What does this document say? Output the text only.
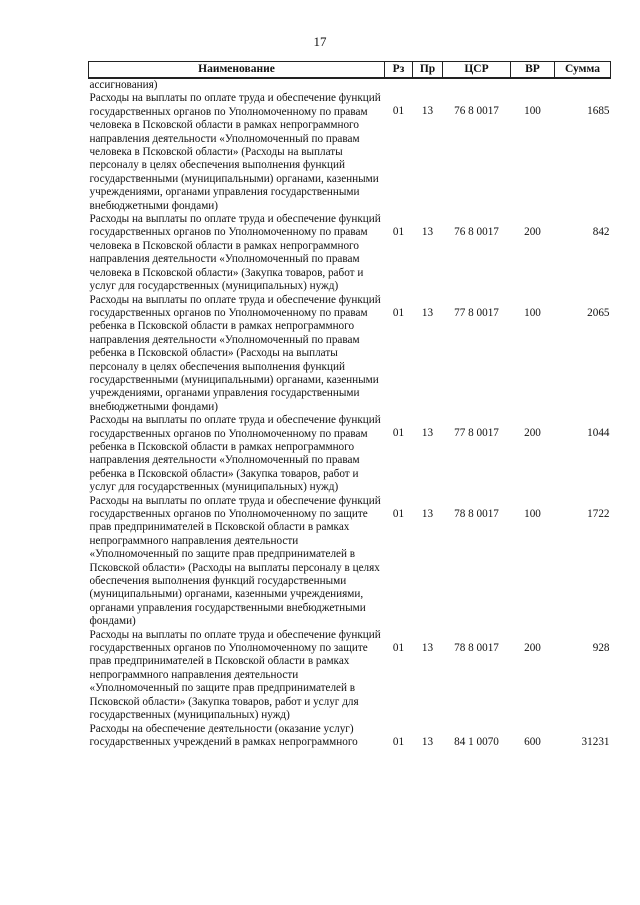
17
Наименование	Рз	Пр	ЦСР	ВР	Сумма
ассигнования)					
Расходы на выплаты по оплате труда и обеспечение функций государственных органов по Уполномоченному по правам человека в Псковской области в рамках непрограммного направления деятельности «Уполномоченный по правам человека в Псковской области» (Расходы на выплаты персоналу в целях обеспечения выполнения функций государственными (муниципальными) органами, казенными учреждениями, органами управления государственными внебюджетными фондами)	01	13	76 8 0017	100	1685
Расходы на выплаты по оплате труда и обеспечение функций государственных органов по Уполномоченному по правам человека в Псковской области в рамках непрограммного направления деятельности «Уполномоченный по правам человека в Псковской области» (Закупка товаров, работ и услуг для государственных (муниципальных) нужд)	01	13	76 8 0017	200	842
Расходы на выплаты по оплате труда и обеспечение функций государственных органов по Уполномоченному по правам ребенка в Псковской области в рамках непрограммного направления деятельности «Уполномоченный по правам ребенка в Псковской области» (Расходы на выплаты персоналу в целях обеспечения выполнения функций государственными (муниципальными) органами, казенными учреждениями, органами управления государственными внебюджетными фондами)	01	13	77 8 0017	100	2065
Расходы на выплаты по оплате труда и обеспечение функций государственных органов по Уполномоченному по правам ребенка в Псковской области в рамках непрограммного направления деятельности «Уполномоченный по правам ребенка в Псковской области» (Закупка товаров, работ и услуг для государственных (муниципальных) нужд)	01	13	77 8 0017	200	1044
Расходы на выплаты по оплате труда и обеспечение функций государственных органов по Уполномоченному по защите прав предпринимателей в Псковской области в рамках непрограммного направления деятельности «Уполномоченный по защите прав предпринимателей в Псковской области» (Расходы на выплаты персоналу в целях обеспечения выполнения функций государственными (муниципальными) органами, казенными учреждениями, органами управления государственными внебюджетными фондами)	01	13	78 8 0017	100	1722
Расходы на выплаты по оплате труда и обеспечение функций государственных органов по Уполномоченному по защите прав предпринимателей в Псковской области в рамках непрограммного направления деятельности «Уполномоченный по защите прав предпринимателей в Псковской области» (Закупка товаров, работ и услуг для государственных (муниципальных) нужд)	01	13	78 8 0017	200	928
Расходы на обеспечение деятельности (оказание услуг) государственных учреждений в рамках непрограммного	01	13	84 1 0070	600	31231
